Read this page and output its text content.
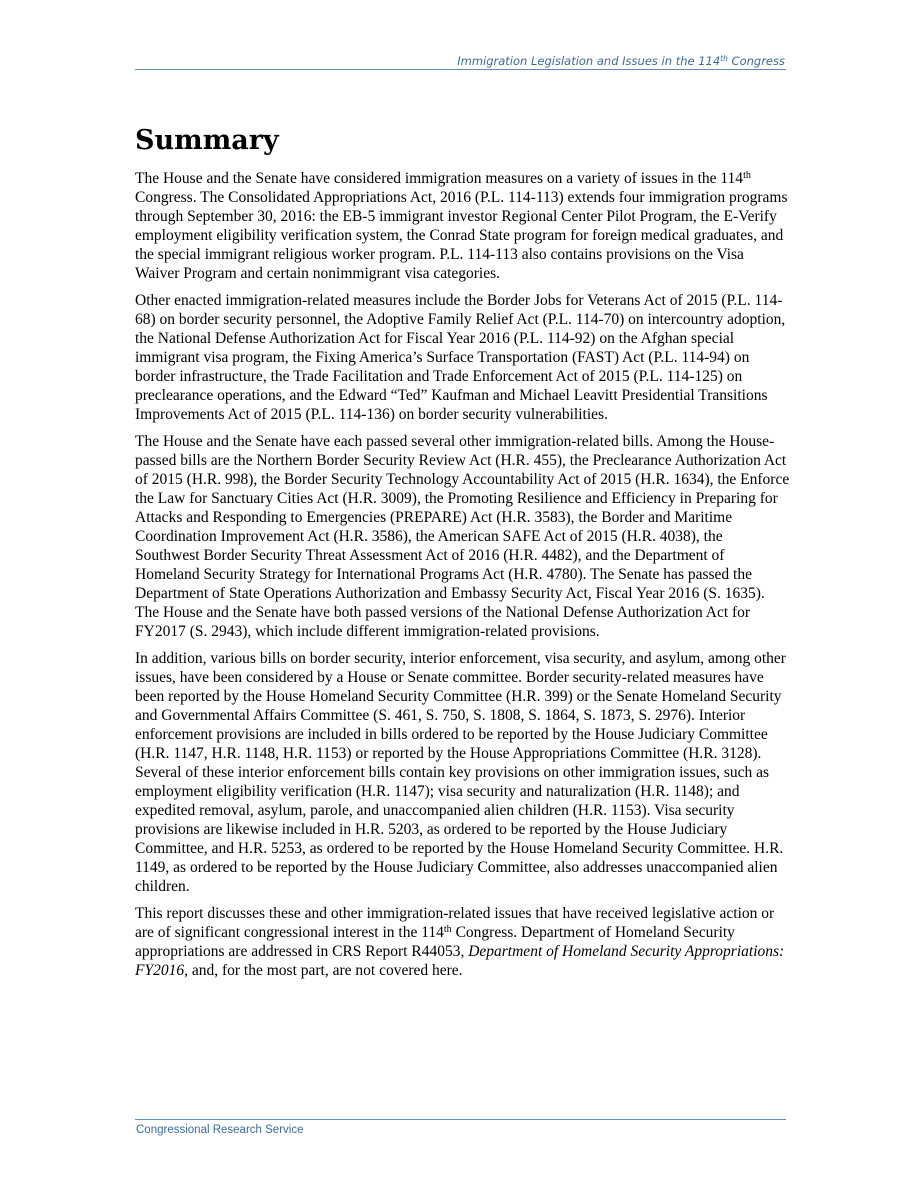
Immigration Legislation and Issues in the 114th Congress
Summary

The House and the Senate have considered immigration measures on a variety of issues in the 114th Congress. The Consolidated Appropriations Act, 2016 (P.L. 114-113) extends four immigration programs through September 30, 2016: the EB-5 immigrant investor Regional Center Pilot Program, the E-Verify employment eligibility verification system, the Conrad State program for foreign medical graduates, and the special immigrant religious worker program. P.L. 114-113 also contains provisions on the Visa Waiver Program and certain nonimmigrant visa categories.

Other enacted immigration-related measures include the Border Jobs for Veterans Act of 2015 (P.L. 114-68) on border security personnel, the Adoptive Family Relief Act (P.L. 114-70) on intercountry adoption, the National Defense Authorization Act for Fiscal Year 2016 (P.L. 114-92) on the Afghan special immigrant visa program, the Fixing America’s Surface Transportation (FAST) Act (P.L. 114-94) on border infrastructure, the Trade Facilitation and Trade Enforcement Act of 2015 (P.L. 114-125) on preclearance operations, and the Edward “Ted” Kaufman and Michael Leavitt Presidential Transitions Improvements Act of 2015 (P.L. 114-136) on border security vulnerabilities.

The House and the Senate have each passed several other immigration-related bills. Among the House-passed bills are the Northern Border Security Review Act (H.R. 455), the Preclearance Authorization Act of 2015 (H.R. 998), the Border Security Technology Accountability Act of 2015 (H.R. 1634), the Enforce the Law for Sanctuary Cities Act (H.R. 3009), the Promoting Resilience and Efficiency in Preparing for Attacks and Responding to Emergencies (PREPARE) Act (H.R. 3583), the Border and Maritime Coordination Improvement Act (H.R. 3586), the American SAFE Act of 2015 (H.R. 4038), the Southwest Border Security Threat Assessment Act of 2016 (H.R. 4482), and the Department of Homeland Security Strategy for International Programs Act (H.R. 4780). The Senate has passed the Department of State Operations Authorization and Embassy Security Act, Fiscal Year 2016 (S. 1635). The House and the Senate have both passed versions of the National Defense Authorization Act for FY2017 (S. 2943), which include different immigration-related provisions.

In addition, various bills on border security, interior enforcement, visa security, and asylum, among other issues, have been considered by a House or Senate committee. Border security-related measures have been reported by the House Homeland Security Committee (H.R. 399) or the Senate Homeland Security and Governmental Affairs Committee (S. 461, S. 750, S. 1808, S. 1864, S. 1873, S. 2976). Interior enforcement provisions are included in bills ordered to be reported by the House Judiciary Committee (H.R. 1147, H.R. 1148, H.R. 1153) or reported by the House Appropriations Committee (H.R. 3128). Several of these interior enforcement bills contain key provisions on other immigration issues, such as employment eligibility verification (H.R. 1147); visa security and naturalization (H.R. 1148); and expedited removal, asylum, parole, and unaccompanied alien children (H.R. 1153). Visa security provisions are likewise included in H.R. 5203, as ordered to be reported by the House Judiciary Committee, and H.R. 5253, as ordered to be reported by the House Homeland Security Committee. H.R. 1149, as ordered to be reported by the House Judiciary Committee, also addresses unaccompanied alien children.

This report discusses these and other immigration-related issues that have received legislative action or are of significant congressional interest in the 114th Congress. Department of Homeland Security appropriations are addressed in CRS Report R44053, Department of Homeland Security Appropriations: FY2016, and, for the most part, are not covered here.

Congressional Research Service
